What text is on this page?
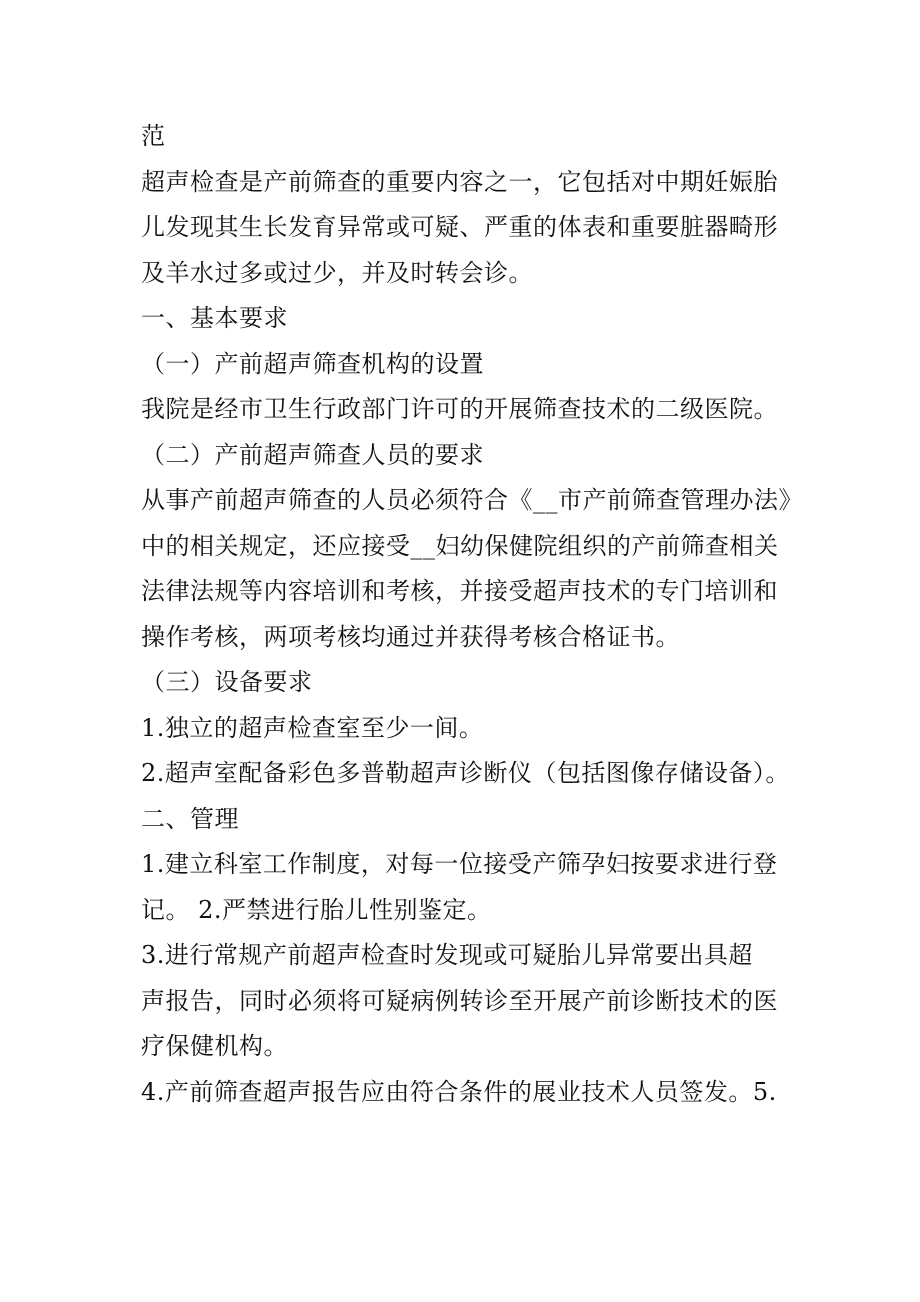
范
超声检查是产前筛查的重要内容之一，它包括对中期妊娠胎
儿发现其生长发育异常或可疑、严重的体表和重要脏器畸形
及羊水过多或过少，并及时转会诊。
一、基本要求
（一）产前超声筛查机构的设置
我院是经市卫生行政部门许可的开展筛查技术的二级医院。
（二）产前超声筛查人员的要求
从事产前超声筛查的人员必须符合《__市产前筛查管理办法》
中的相关规定，还应接受__妇幼保健院组织的产前筛查相关
法律法规等内容培训和考核，并接受超声技术的专门培训和
操作考核，两项考核均通过并获得考核合格证书。
（三）设备要求
1.独立的超声检查室至少一间。
2.超声室配备彩色多普勒超声诊断仪（包括图像存储设备）。
二、管理
1.建立科室工作制度，对每一位接受产筛孕妇按要求进行登
记。 2.严禁进行胎儿性别鉴定。
3.进行常规产前超声检查时发现或可疑胎儿异常要出具超
声报告，同时必须将可疑病例转诊至开展产前诊断技术的医
疗保健机构。
4.产前筛查超声报告应由符合条件的展业技术人员签发。5.
